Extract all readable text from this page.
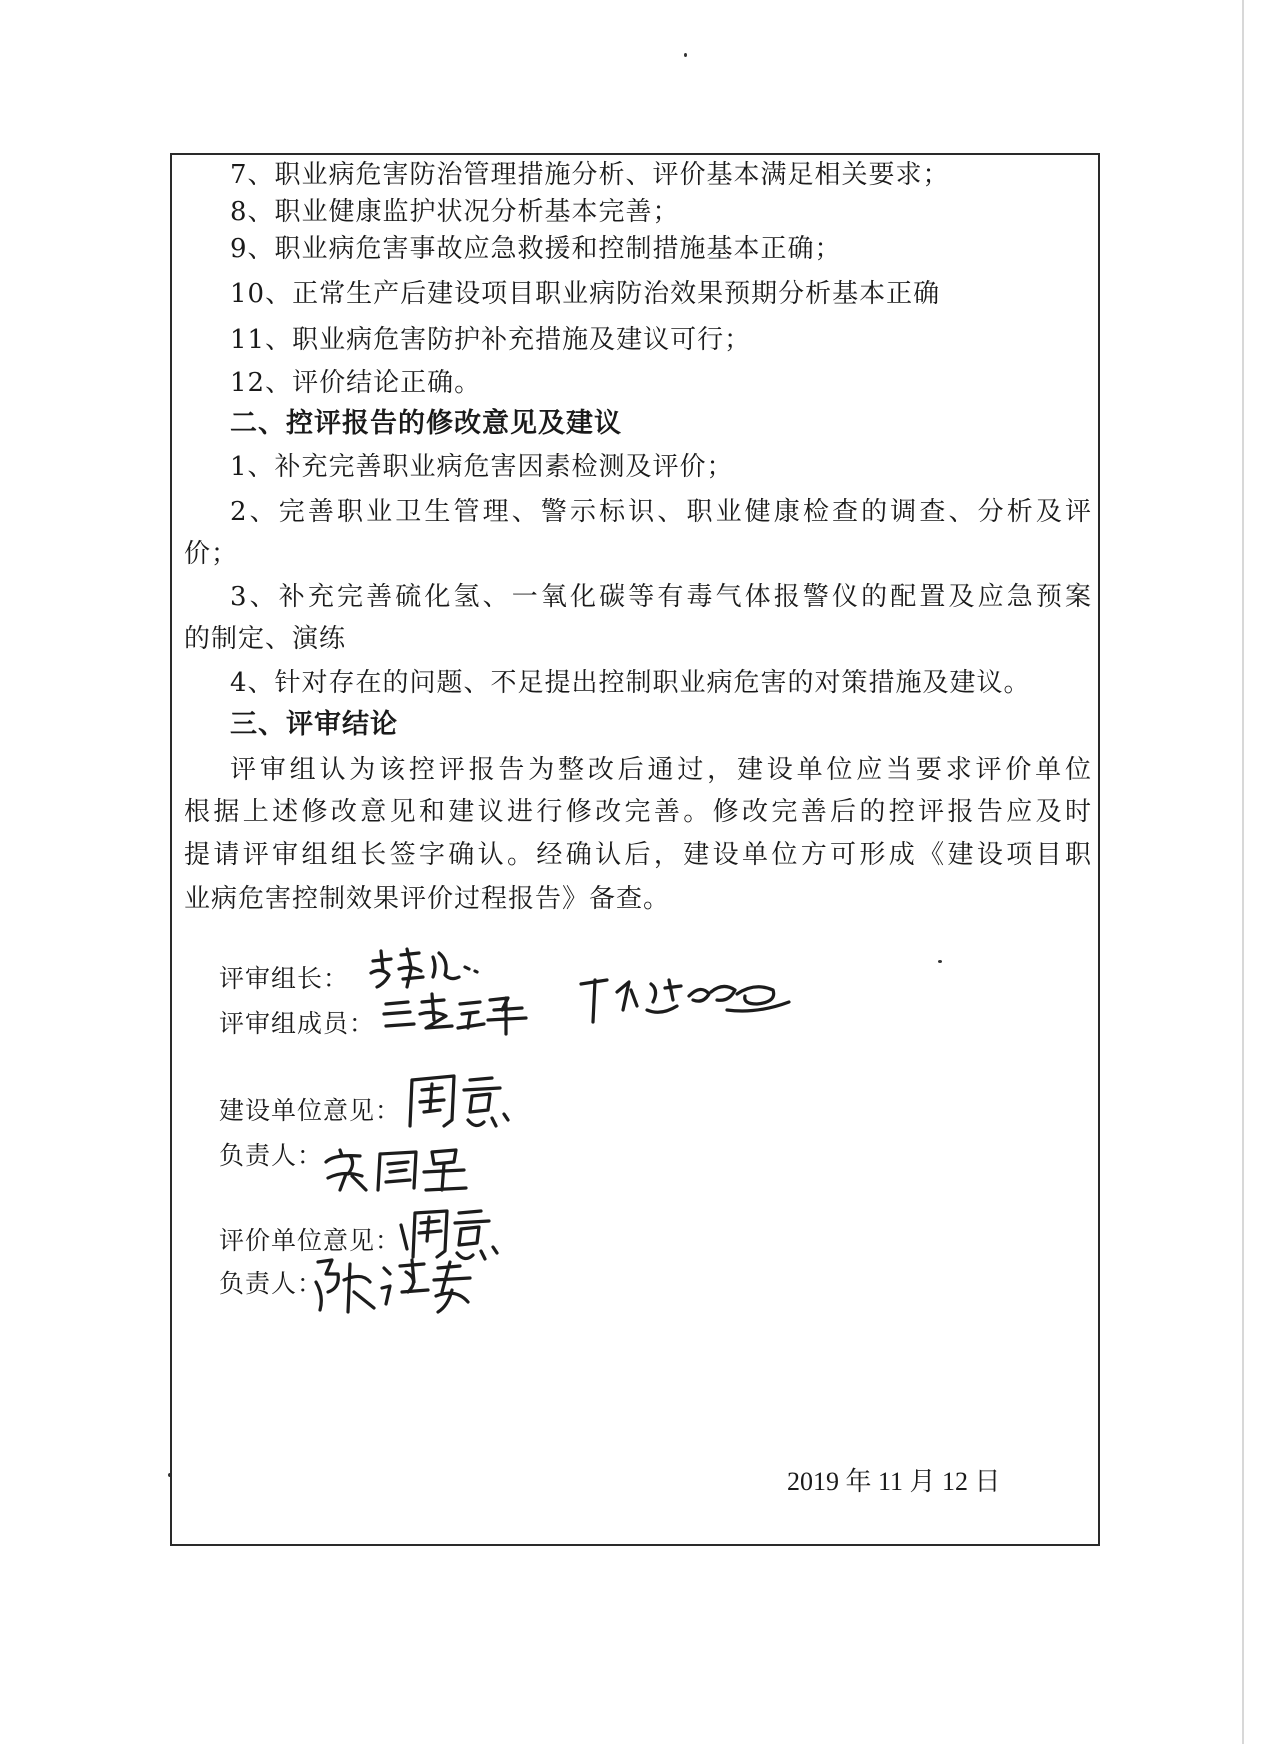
7、职业病危害防治管理措施分析、评价基本满足相关要求；
8、职业健康监护状况分析基本完善；
9、职业病危害事故应急救援和控制措施基本正确；
10、正常生产后建设项目职业病防治效果预期分析基本正确
11、职业病危害防护补充措施及建议可行；
12、评价结论正确。
二、控评报告的修改意见及建议
1、补充完善职业病危害因素检测及评价；
2、完善职业卫生管理、警示标识、职业健康检查的调查、分析及评
价；
3、补充完善硫化氢、一氧化碳等有毒气体报警仪的配置及应急预案
的制定、演练
4、针对存在的问题、不足提出控制职业病危害的对策措施及建议。
三、评审结论
评审组认为该控评报告为整改后通过，建设单位应当要求评价单位
根据上述修改意见和建议进行修改完善。修改完善后的控评报告应及时
提请评审组组长签字确认。经确认后，建设单位方可形成《建设项目职
业病危害控制效果评价过程报告》备查。
评审组长：
评审组成员：
建设单位意见：
负责人：
评价单位意见：
负责人：
2019 年 11 月 12 日
